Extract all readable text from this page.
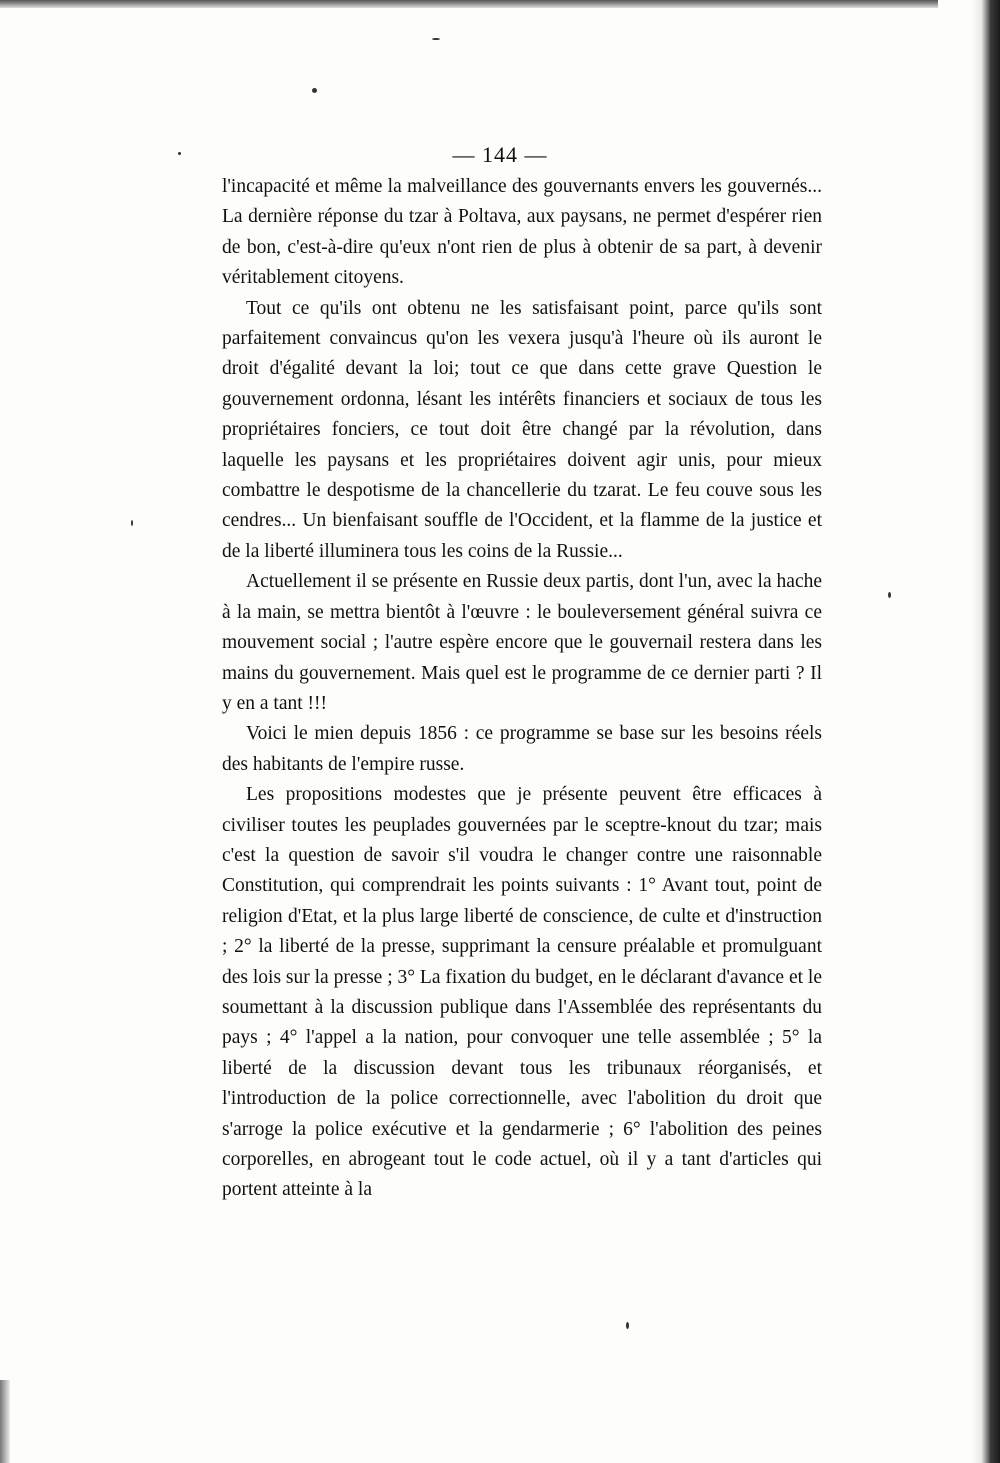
— 144 —

l'incapacité et même la malveillance des gouvernants envers les gouvernés... La dernière réponse du tzar à Poltava, aux paysans, ne permet d'espérer rien de bon, c'est-à-dire qu'eux n'ont rien de plus à obtenir de sa part, à devenir véritablement citoyens.

Tout ce qu'ils ont obtenu ne les satisfaisant point, parce qu'ils sont parfaitement convaincus qu'on les vexera jusqu'à l'heure où ils auront le droit d'égalité devant la loi; tout ce que dans cette grave Question le gouvernement ordonna, lésant les intérêts financiers et sociaux de tous les propriétaires fonciers, ce tout doit être changé par la révolution, dans laquelle les paysans et les propriétaires doivent agir unis, pour mieux combattre le despotisme de la chancellerie du tzarat. Le feu couve sous les cendres... Un bienfaisant souffle de l'Occident, et la flamme de la justice et de la liberté illuminera tous les coins de la Russie...

Actuellement il se présente en Russie deux partis, dont l'un, avec la hache à la main, se mettra bientôt à l'œuvre : le bouleversement général suivra ce mouvement social ; l'autre espère encore que le gouvernail restera dans les mains du gouvernement. Mais quel est le programme de ce dernier parti ? Il y en a tant !!!

Voici le mien depuis 1856 : ce programme se base sur les besoins réels des habitants de l'empire russe.

Les propositions modestes que je présente peuvent être efficaces à civiliser toutes les peuplades gouvernées par le sceptre-knout du tzar; mais c'est la question de savoir s'il voudra le changer contre une raisonnable Constitution, qui comprendrait les points suivants : 1° Avant tout, point de religion d'Etat, et la plus large liberté de conscience, de culte et d'instruction ; 2° la liberté de la presse, supprimant la censure préalable et promulguant des lois sur la presse ; 3° La fixation du budget, en le déclarant d'avance et le soumettant à la discussion publique dans l'Assemblée des représentants du pays ; 4° l'appel a la nation, pour convoquer une telle assemblée ; 5° la liberté de la discussion devant tous les tribunaux réorganisés, et l'introduction de la police correctionnelle, avec l'abolition du droit que s'arroge la police exécutive et la gendarmerie ; 6° l'abolition des peines corporelles, en abrogeant tout le code actuel, où il y a tant d'articles qui portent atteinte à la
